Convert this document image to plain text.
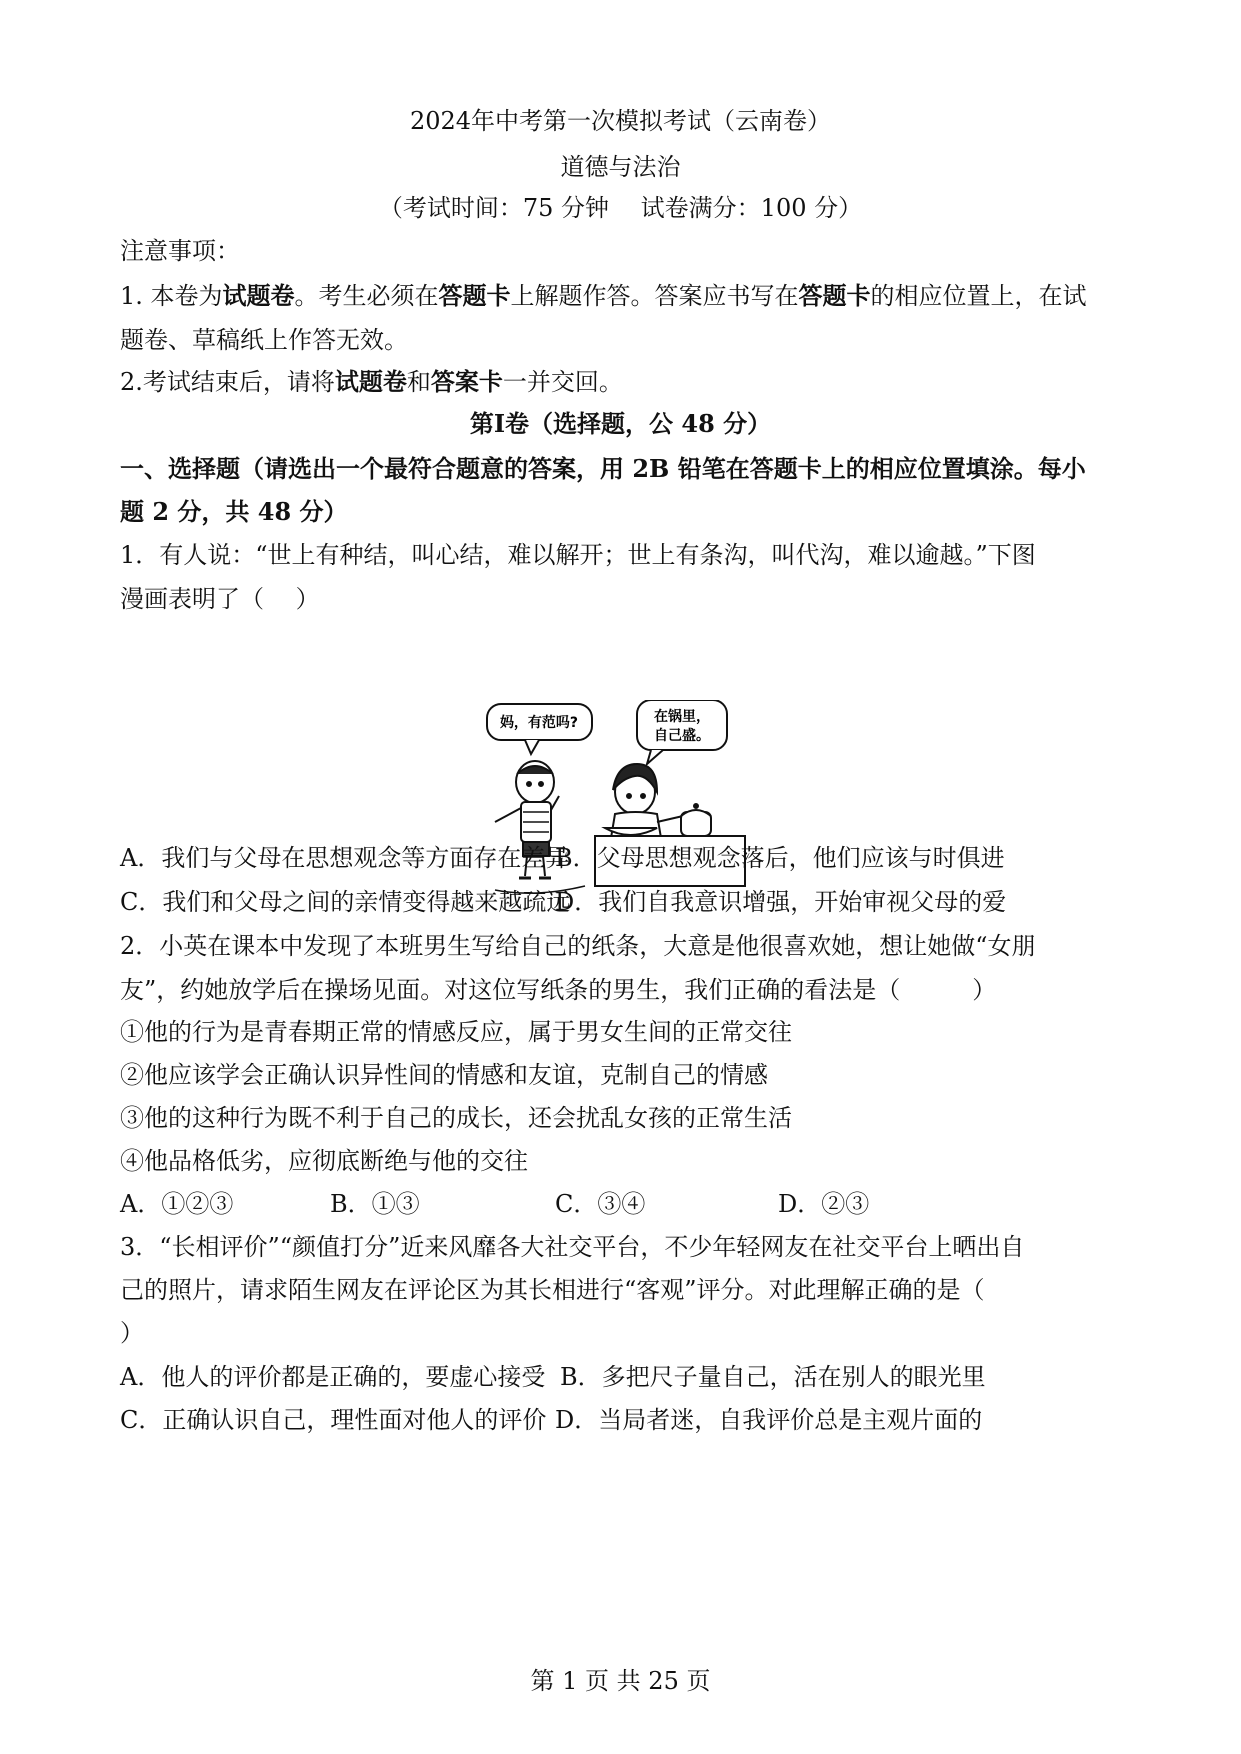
2024年中考第一次模拟考试（云南卷）
道德与法治
（考试时间：75 分钟　 试卷满分：100 分）
注意事项：
1. 本卷为试题卷。考生必须在答题卡上解题作答。答案应书写在答题卡的相应位置上，在试
题卷、草稿纸上作答无效。
2.考试结束后，请将试题卷和答案卡一并交回。
第Ⅰ卷（选择题，公 48 分）
一、选择题（请选出一个最符合题意的答案，用 2B 铅笔在答题卡上的相应位置填涂。每小
题 2 分，共 48 分）
1．有人说：“世上有种结，叫心结，难以解开；世上有条沟，叫代沟，难以逾越。”下图
漫画表明了（　 ）
妈，有范吗?	在锅里，
自己盛。
A．我们与父母在思想观念等方面存在差异
B．父母思想观念落后，他们应该与时俱进
C．我们和父母之间的亲情变得越来越疏远
D．我们自我意识增强，开始审视父母的爱
2．小英在课本中发现了本班男生写给自己的纸条，大意是他很喜欢她，想让她做“女朋
友”，约她放学后在操场见面。对这位写纸条的男生，我们正确的看法是（　　　）
①他的行为是青春期正常的情感反应，属于男女生间的正常交往
②他应该学会正确认识异性间的情感和友谊，克制自己的情感
③他的这种行为既不利于自己的成长，还会扰乱女孩的正常生活
④他品格低劣，应彻底断绝与他的交往
A．①②③	B．①③	C．③④	D．②③
3．“长相评价”“颜值打分”近来风靡各大社交平台，不少年轻网友在社交平台上晒出自
己的照片，请求陌生网友在评论区为其长相进行“客观”评分。对此理解正确的是（
）
A．他人的评价都是正确的，要虚心接受 B．多把尺子量自己，活在别人的眼光里
C．正确认识自己，理性面对他人的评价 D．当局者迷，自我评价总是主观片面的
第 1 页 共 25 页
